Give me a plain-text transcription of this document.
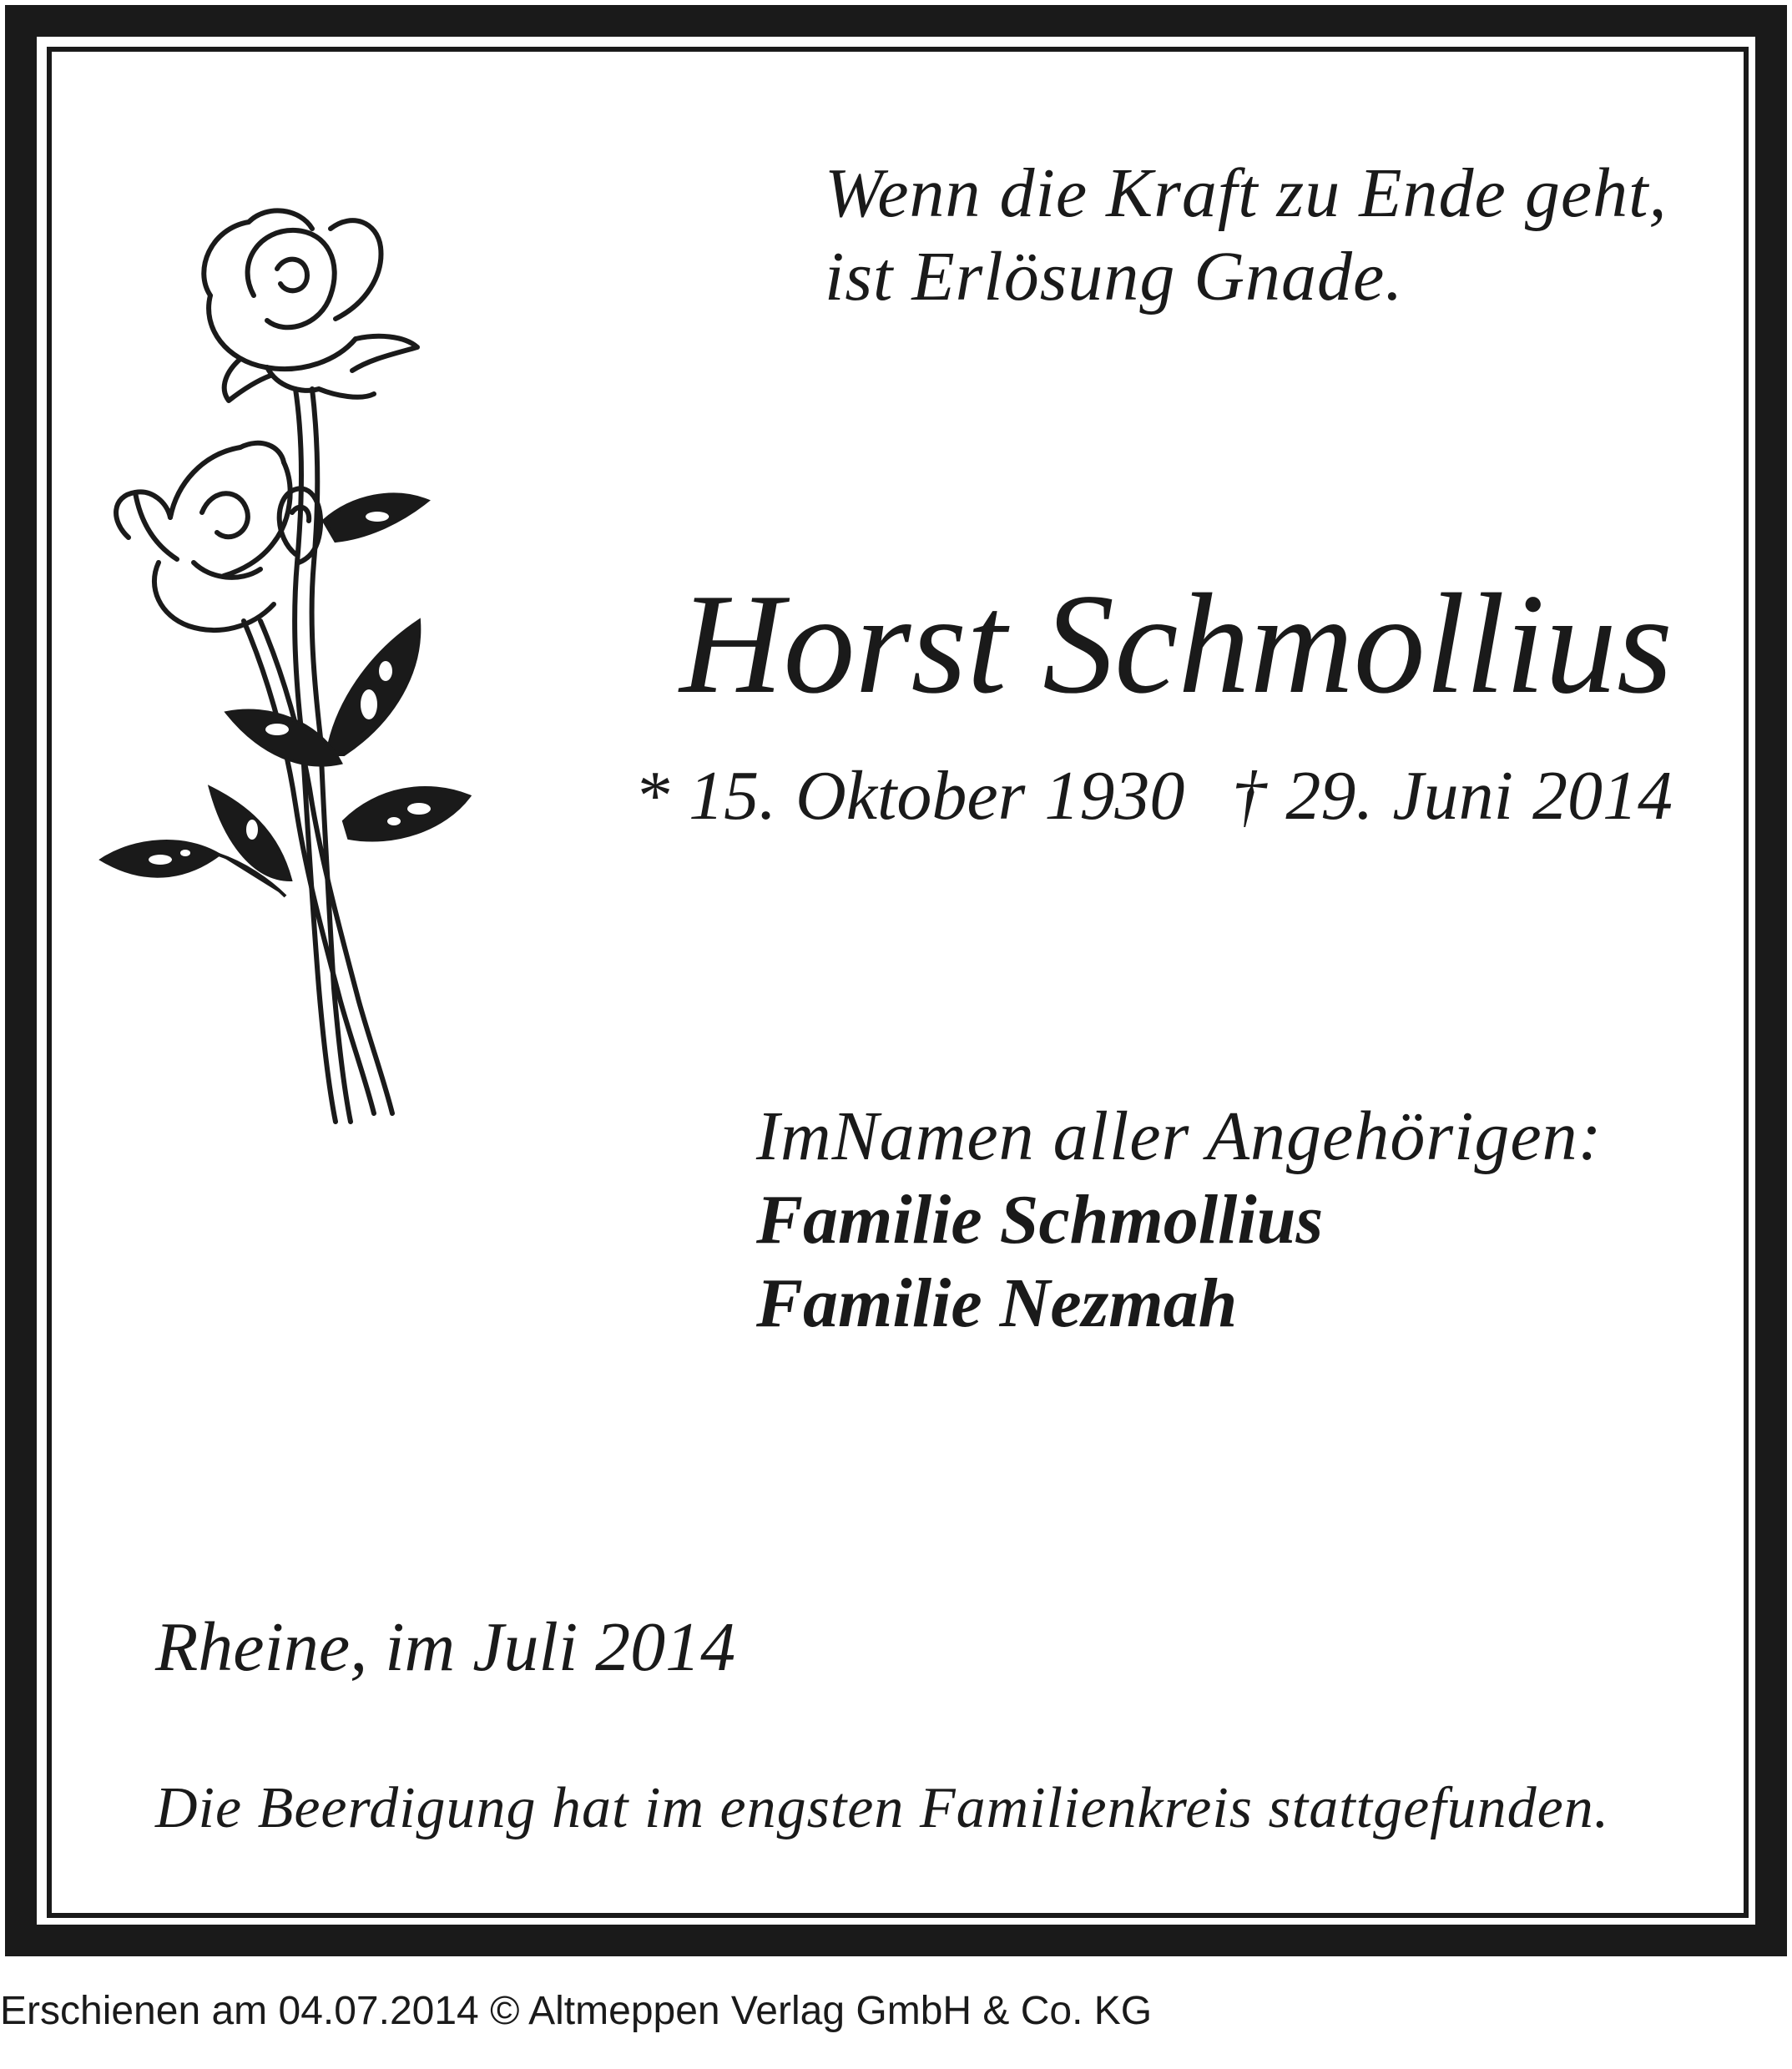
Wenn die Kraft zu Ende geht,
ist Erlösung Gnade.
Horst Schmollius
* 15. Oktober 1930 † 29. Juni 2014
ImNamen aller Angehörigen:
Familie Schmollius
Familie Nezmah
Rheine, im Juli 2014
Die Beerdigung hat im engsten Familienkreis stattgefunden.
Erschienen am 04.07.2014 © Altmeppen Verlag GmbH & Co. KG
